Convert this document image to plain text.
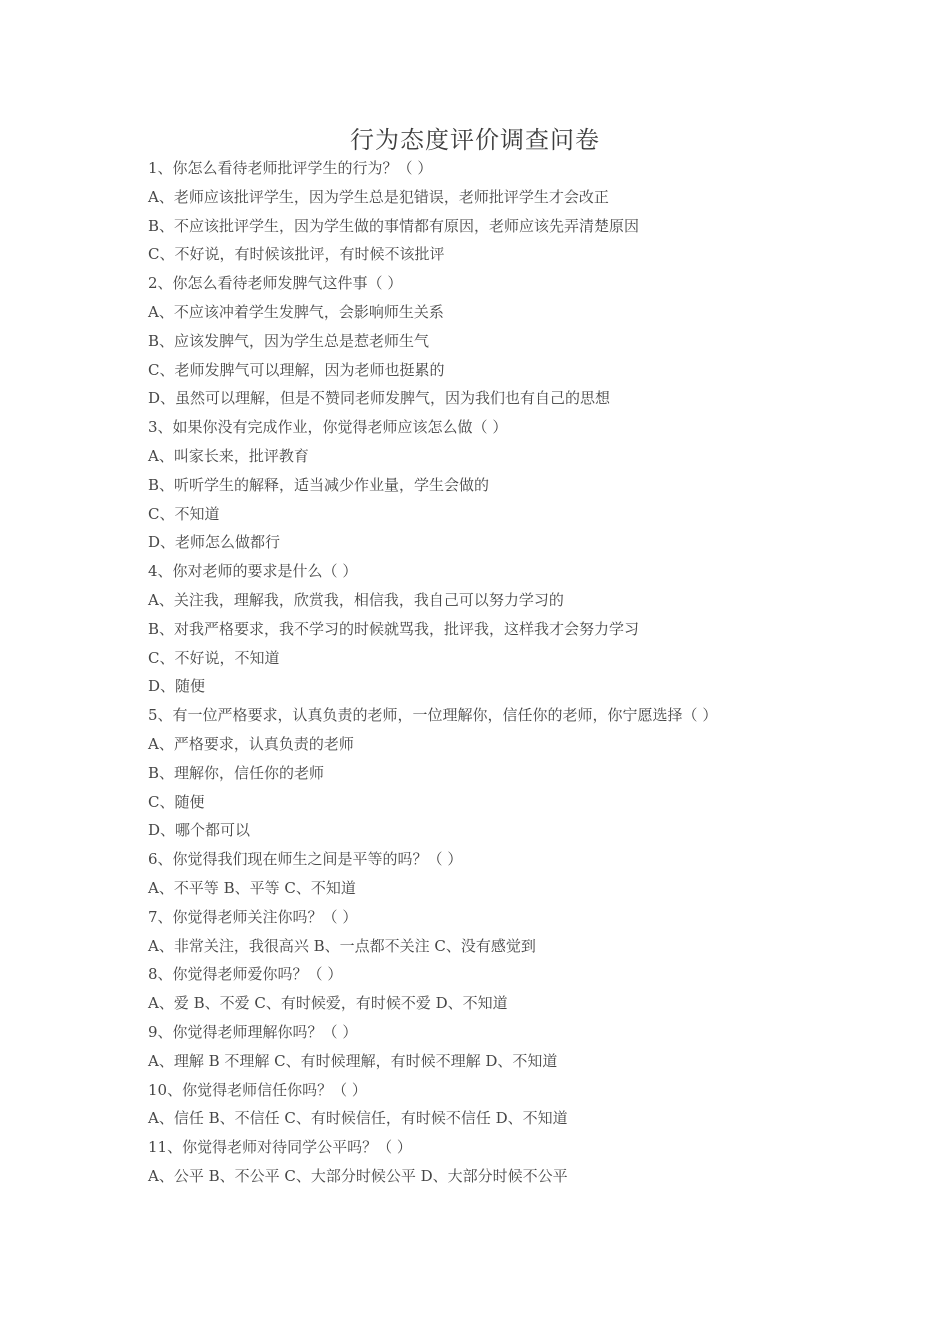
行为态度评价调查问卷
1、你怎么看待老师批评学生的行为？（ ）
A、老师应该批评学生，因为学生总是犯错误，老师批评学生才会改正
B、不应该批评学生，因为学生做的事情都有原因，老师应该先弄清楚原因
C、不好说，有时候该批评，有时候不该批评
2、你怎么看待老师发脾气这件事（ ）
A、不应该冲着学生发脾气，会影响师生关系
B、应该发脾气，因为学生总是惹老师生气
C、老师发脾气可以理解，因为老师也挺累的
D、虽然可以理解，但是不赞同老师发脾气，因为我们也有自己的思想
3、如果你没有完成作业，你觉得老师应该怎么做（ ）
A、叫家长来，批评教育
B、听听学生的解释，适当减少作业量，学生会做的
C、不知道
D、老师怎么做都行
4、你对老师的要求是什么（ ）
A、关注我，理解我，欣赏我，相信我，我自己可以努力学习的
B、对我严格要求，我不学习的时候就骂我，批评我，这样我才会努力学习
C、不好说，不知道
D、随便
5、有一位严格要求，认真负责的老师，一位理解你，信任你的老师，你宁愿选择（ ）
A、严格要求，认真负责的老师
B、理解你，信任你的老师
C、随便
D、哪个都可以
6、你觉得我们现在师生之间是平等的吗？（ ）
A、不平等 B、平等 C、不知道
7、你觉得老师关注你吗？（ ）
A、非常关注，我很高兴 B、一点都不关注 C、没有感觉到
8、你觉得老师爱你吗？（ ）
A、爱 B、不爱 C、有时候爱，有时候不爱 D、不知道
9、你觉得老师理解你吗？（ ）
A、理解 B 不理解 C、有时候理解，有时候不理解 D、不知道
10、你觉得老师信任你吗？（ ）
A、信任 B、不信任 C、有时候信任，有时候不信任 D、不知道
11、你觉得老师对待同学公平吗？（ ）
A、公平 B、不公平 C、大部分时候公平 D、大部分时候不公平
